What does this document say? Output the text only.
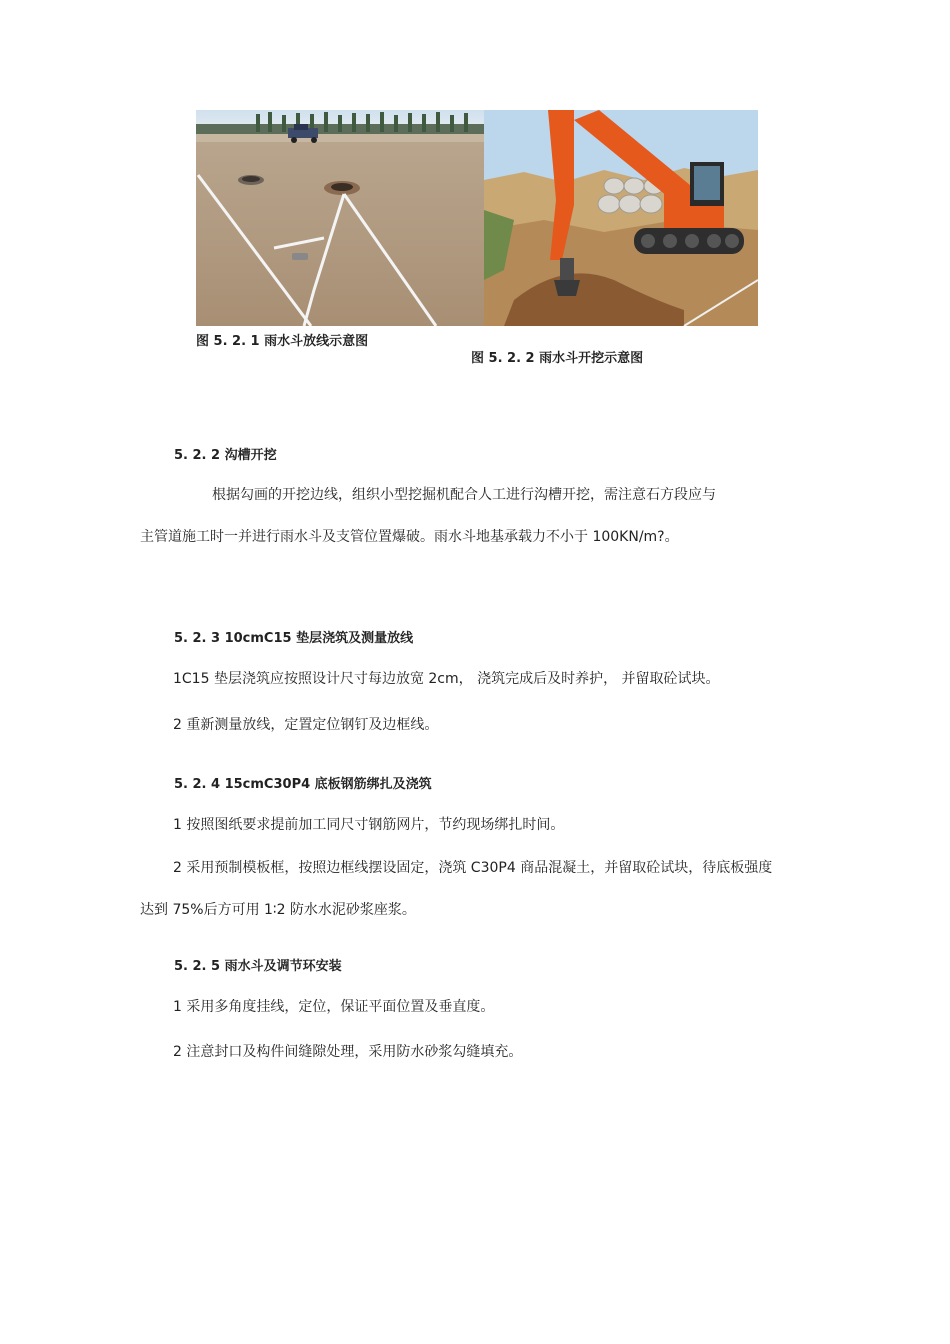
图 5. 2. 1 雨水斗放线示意图
图 5. 2. 2 雨水斗开挖示意图
5. 2. 2 沟槽开挖
根据勾画的开挖边线，组织小型挖掘机配合人工进行沟槽开挖，需注意石方段应与
主管道施工时一并进行雨水斗及支管位置爆破。雨水斗地基承载力不小于 100KN/m?。
5. 2. 3 10cmC15 垫层浇筑及测量放线
1C15 垫层浇筑应按照设计尺寸每边放宽 2cm， 浇筑完成后及时养护， 并留取砼试块。
2 重新测量放线，定置定位钢钉及边框线。
5. 2. 4 15cmC30P4 底板钢筋绑扎及浇筑
1 按照图纸要求提前加工同尺寸钢筋网片，节约现场绑扎时间。
2 采用预制模板框，按照边框线摆设固定，浇筑 C30P4 商品混凝土，并留取砼试块，待底板强度
达到 75%后方可用 1∶2 防水水泥砂浆座浆。
5. 2. 5 雨水斗及调节环安装
1 采用多角度挂线，定位，保证平面位置及垂直度。
2 注意封口及构件间缝隙处理，采用防水砂浆勾缝填充。
